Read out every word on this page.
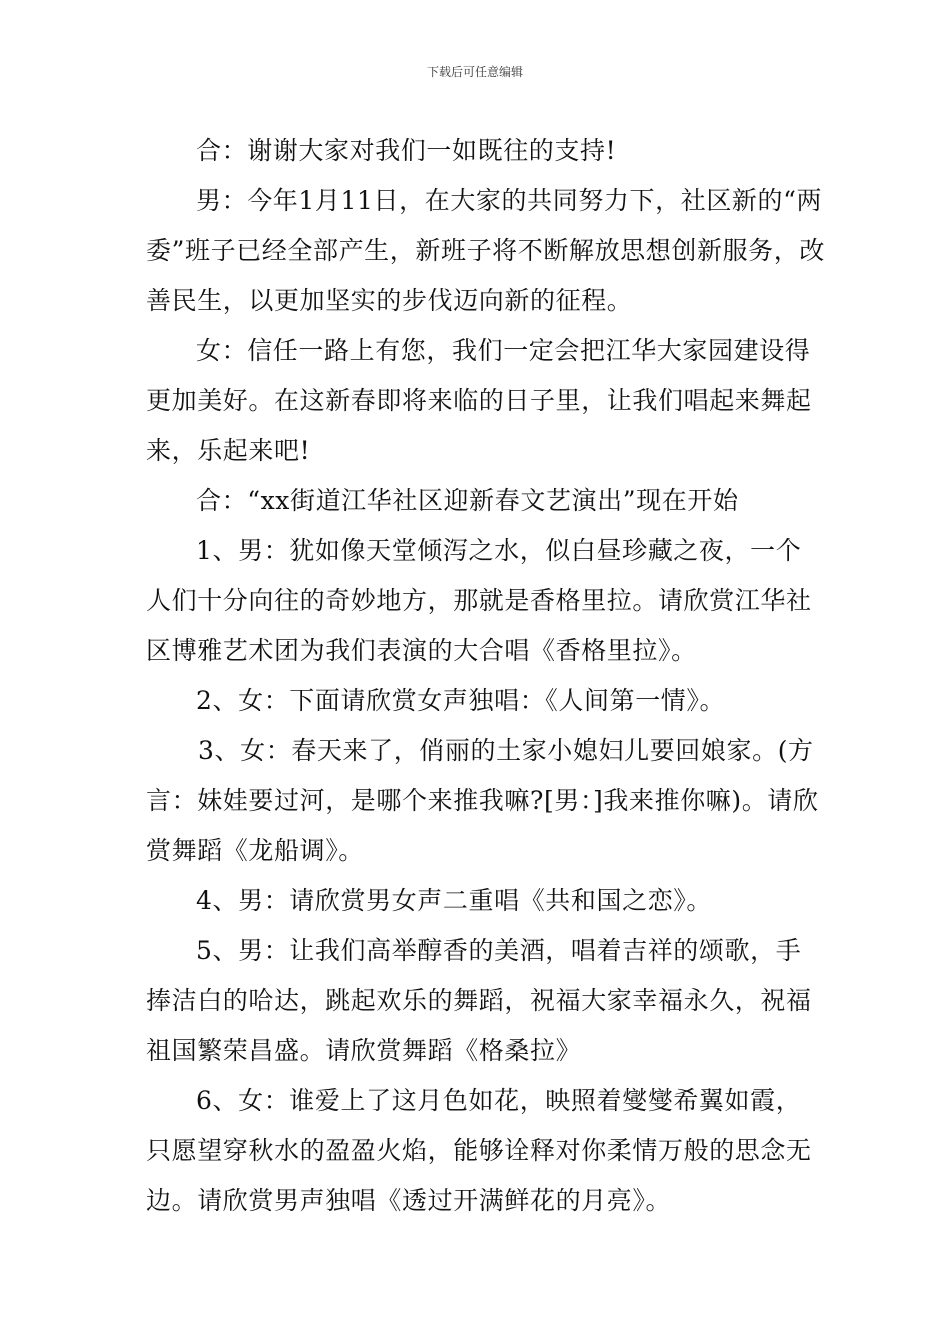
下载后可任意编辑

合：谢谢大家对我们一如既往的支持!

男：今年1月11日，在大家的共同努力下，社区新的“两委”班子已经全部产生，新班子将不断解放思想创新服务，改善民生，以更加坚实的步伐迈向新的征程。

女：信任一路上有您，我们一定会把江华大家园建设得更加美好。在这新春即将来临的日子里，让我们唱起来舞起来，乐起来吧!

合：“xx街道江华社区迎新春文艺演出”现在开始

1、男：犹如像天堂倾泻之水，似白昼珍藏之夜，一个人们十分向往的奇妙地方，那就是香格里拉。请欣赏江华社区博雅艺术团为我们表演的大合唱《香格里拉》。

2、女：下面请欣赏女声独唱：《人间第一情》。

3、女：春天来了，俏丽的土家小媳妇儿要回娘家。(方言：妹娃要过河，是哪个来推我嘛?[男：]我来推你嘛)。请欣赏舞蹈《龙船调》。

4、男：请欣赏男女声二重唱《共和国之恋》。

5、男：让我们高举醇香的美酒，唱着吉祥的颂歌，手捧洁白的哈达，跳起欢乐的舞蹈，祝福大家幸福永久，祝福祖国繁荣昌盛。请欣赏舞蹈《格桑拉》

6、女：谁爱上了这月色如花，映照着燮燮希翼如霞，只愿望穿秋水的盈盈火焰，能够诠释对你柔情万般的思念无边。请欣赏男声独唱《透过开满鲜花的月亮》。
